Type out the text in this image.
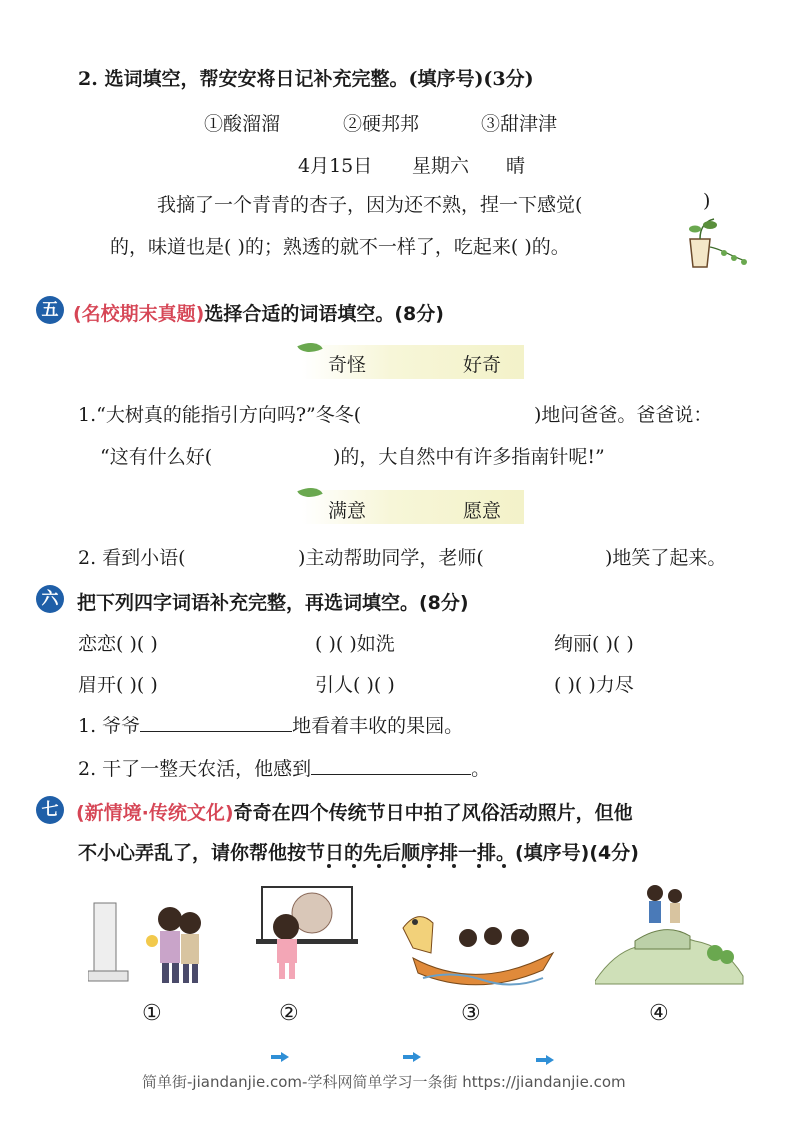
2. 选词填空，帮安安将日记补充完整。(填序号)(3分)
①酸溜溜	②硬邦邦	③甜津津
4月15日 星期六 晴
我摘了一个青青的杏子，因为还不熟，捏一下感觉(	)
的，味道也是( )的；熟透的就不一样了，吃起来( )的。
五 (名校期末真题)选择合适的词语填空。(8分)
奇怪	好奇
1.“大树真的能指引方向吗?”冬冬(	)地问爸爸。爸爸说：
“这有什么好(	)的，大自然中有许多指南针呢!”
满意	愿意
2. 看到小语(	)主动帮助同学，老师(	)地笑了起来。
六 把下列四字词语补充完整，再选词填空。(8分)
恋恋( )( )	( )( )如洗	绚丽( )( )
眉开( )( )	引人( )( )	( )( )力尽
1. 爷爷	地看着丰收的果园。
2. 干了一整天农活，他感到	。
七 (新情境·传统文化)奇奇在四个传统节日中拍了风俗活动照片，但他
不小心弄乱了，请你帮他按节日的先后顺序排一排。(填序号)(4分)
①	②	③	④
简单街-jiandanjie.com-学科网简单学习一条街 https://jiandanjie.com
